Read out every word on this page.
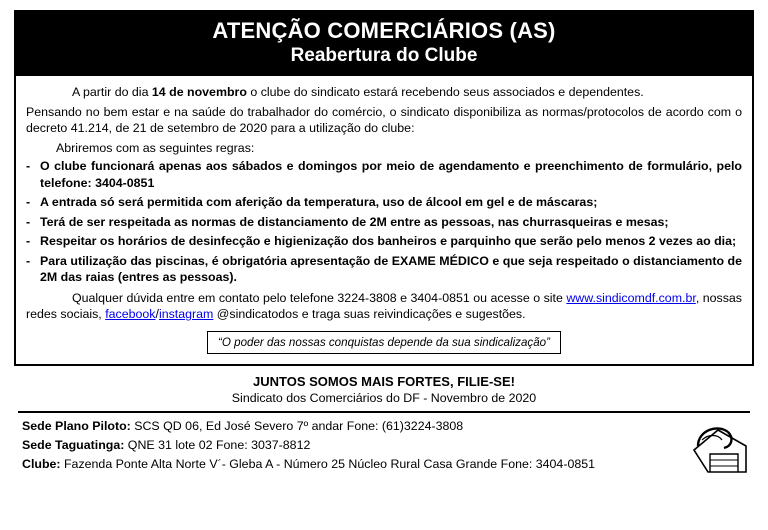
ATENÇÃO COMERCIÁRIOS (AS)
Reabertura do Clube

A partir do dia 14 de novembro o clube do sindicato estará recebendo seus associados e dependentes.

Pensando no bem estar e na saúde do trabalhador do comércio, o sindicato disponibiliza as normas/protocolos de acordo com o decreto 41.214, de 21 de setembro de 2020 para a utilização do clube:

Abriremos com as seguintes regras:

- O clube funcionará apenas aos sábados e domingos por meio de agendamento e preenchimento de formulário, pelo telefone: 3404-0851
- A entrada só será permitida com aferição da temperatura, uso de álcool em gel e de máscaras;
- Terá de ser respeitada as normas de distanciamento de 2M entre as pessoas, nas churrasqueiras e mesas;
- Respeitar os horários de desinfecção e higienização dos banheiros e parquinho que serão pelo menos 2 vezes ao dia;
- Para utilização das piscinas, é obrigatória apresentação de EXAME MÉDICO e que seja respeitado o distanciamento de 2M das raias (entres as pessoas).

Qualquer dúvida entre em contato pelo telefone 3224-3808 e 3404-0851 ou acesse o site www.sindicomdf.com.br, nossas redes sociais, facebook/instagram @sindicatodos e traga suas reivindicações e sugestões.

“O poder das nossas conquistas depende da sua sindicalização”
JUNTOS SOMOS MAIS FORTES, FILIE-SE!
Sindicato dos Comerciários do DF - Novembro de 2020
Sede Plano Piloto: SCS QD 06, Ed José Severo 7º andar Fone: (61)3224-3808
Sede Taguatinga: QNE 31 lote 02 Fone: 3037-8812
Clube: Fazenda Ponte Alta Norte V´- Gleba A - Número 25 Núcleo Rural Casa Grande Fone: 3404-0851
